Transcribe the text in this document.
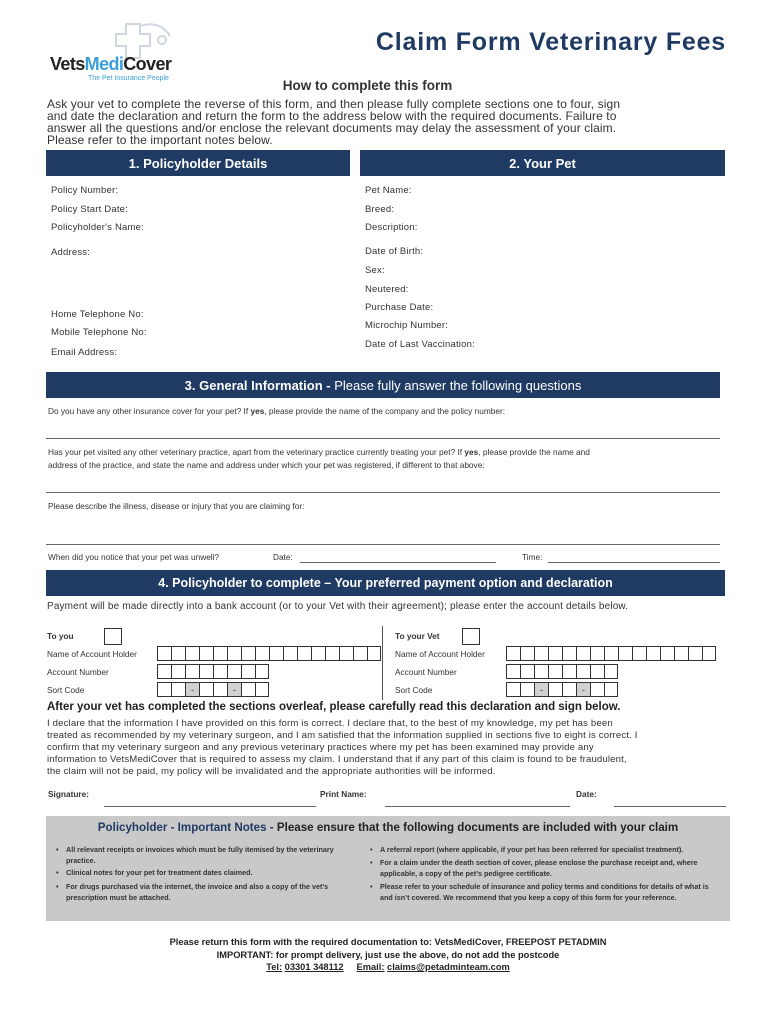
VetsMediCover
The Pet Insurance People
Claim Form Veterinary Fees
How to complete this form
Ask your vet to complete the reverse of this form, and then please fully complete sections one to four, sign
and date the declaration and return the form to the address below with the required documents. Failure to
answer all the questions and/or enclose the relevant documents may delay the assessment of your claim.
Please refer to the important notes below.
1. Policyholder Details	2. Your Pet
Policy Number:
Policy Start Date:
Policyholder's Name:
Address:
Home Telephone No:
Mobile Telephone No:
Email Address:
Pet Name:
Breed:
Description:
Date of Birth:
Sex:
Neutered:
Purchase Date:
Microchip Number:
Date of Last Vaccination:
3. General Information - Please fully answer the following questions
Do you have any other insurance cover for your pet? If yes, please provide the name of the company and the policy number:
Has your pet visited any other veterinary practice, apart from the veterinary practice currently treating your pet? If yes, please provide the name and
address of the practice, and state the name and address under which your pet was registered, if different to that above:
Please describe the illness, disease or injury that you are claiming for:
When did you notice that your pet was unwell?	Date:	Time:
4. Policyholder to complete – Your preferred payment option and declaration
Payment will be made directly into a bank account (or to your Vet with their agreement); please enter the account details below.
To you
Name of Account Holder
Account Number
Sort Code	-	-
To your Vet
Name of Account Holder
Account Number
Sort Code	-	-
After your vet has completed the sections overleaf, please carefully read this declaration and sign below.
I declare that the information I have provided on this form is correct. I declare that, to the best of my knowledge, my pet has been
treated as recommended by my veterinary surgeon, and I am satisfied that the information supplied in sections five to eight is correct. I
confirm that my veterinary surgeon and any previous veterinary practices where my pet has been examined may provide any
information to VetsMediCover that is required to assess my claim. I understand that if any part of this claim is found to be fraudulent,
the claim will not be paid, my policy will be invalidated and the appropriate authorities will be informed.
Signature:	Print Name:	Date:
Policyholder - Important Notes - Please ensure that the following documents are included with your claim
• All relevant receipts or invoices which must be fully itemised by the veterinary practice.
• Clinical notes for your pet for treatment dates claimed.
• For drugs purchased via the internet, the invoice and also a copy of the vet’s prescription must be attached.
• A referral report (where applicable, if your pet has been referred for specialist treatment).
• For a claim under the death section of cover, please enclose the purchase receipt and, where applicable, a copy of the pet’s pedigree certificate.
• Please refer to your schedule of insurance and policy terms and conditions for details of what is and isn’t covered. We recommend that you keep a copy of this form for your reference.
Please return this form with the required documentation to: VetsMediCover, FREEPOST PETADMIN
IMPORTANT: for prompt delivery, just use the above, do not add the postcode
Tel: 03301 348112 Email: claims@petadminteam.com
